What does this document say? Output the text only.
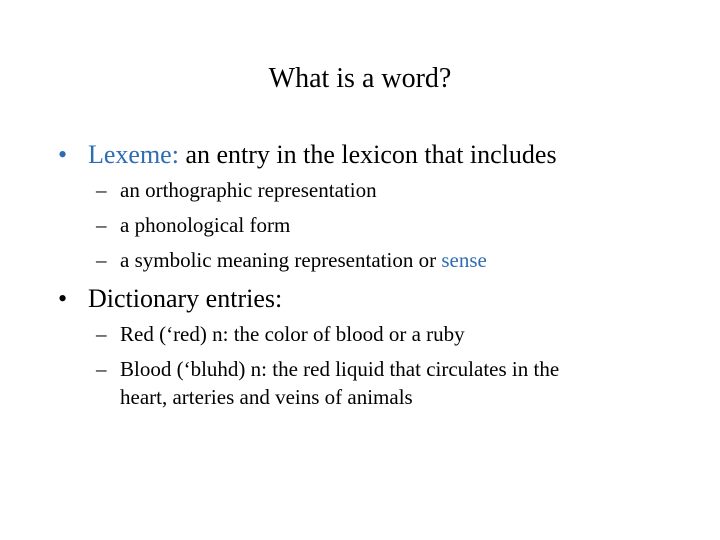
What is a word?
• Lexeme: an entry in the lexicon that includes
– an orthographic representation
– a phonological form
– a symbolic meaning representation or sense
• Dictionary entries:
– Red (‘red) n: the color of blood or a ruby
– Blood (‘bluhd) n: the red liquid that circulates in the
heart, arteries and veins of animals
